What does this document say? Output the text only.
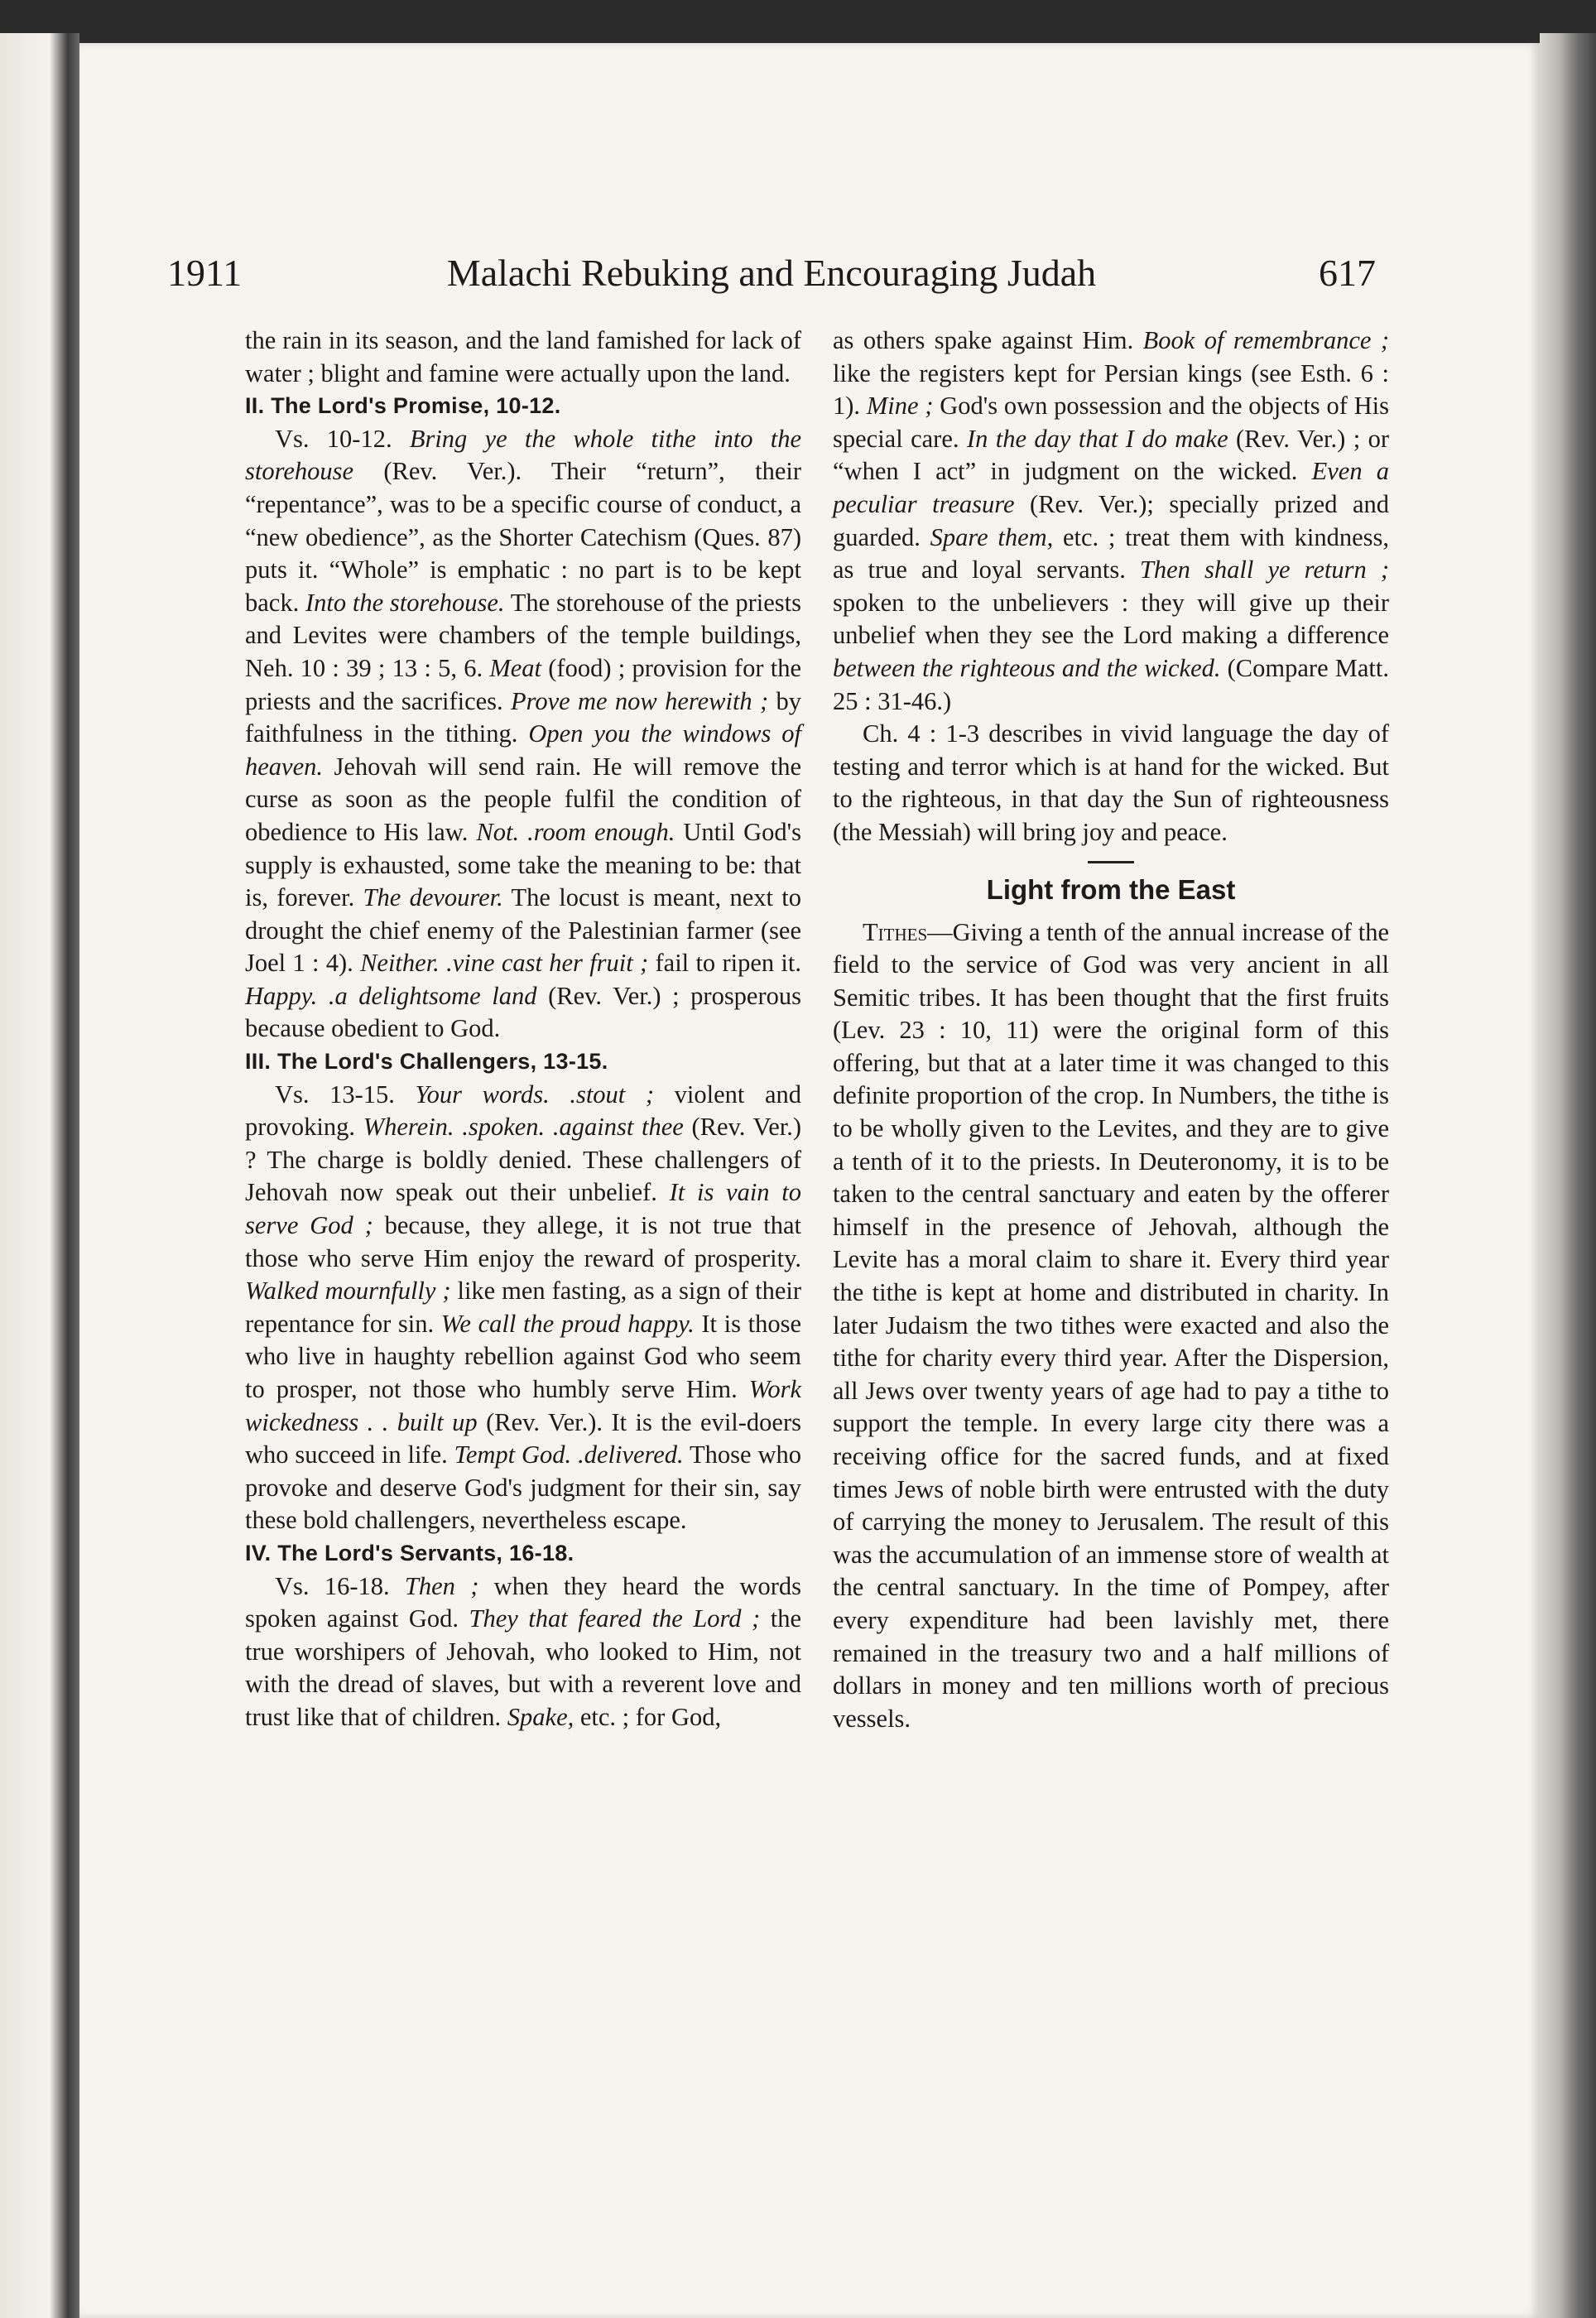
Malachi Rebuking and Encouraging Judah
1911	617

the rain in its season, and the land famished for lack of water ; blight and famine were actually upon the land.

II. The Lord's Promise, 10-12.

Vs. 10-12. Bring ye the whole tithe into the storehouse (Rev. Ver.). Their “return”, their “repentance”, was to be a specific course of conduct, a “new obedience”, as the Shorter Catechism (Ques. 87) puts it. “Whole” is emphatic : no part is to be kept back. Into the storehouse. The storehouse of the priests and Levites were chambers of the temple buildings, Neh. 10 : 39 ; 13 : 5, 6. Meat (food) ; provision for the priests and the sacrifices. Prove me now herewith ; by faithfulness in the tithing. Open you the windows of heaven. Jehovah will send rain. He will remove the curse as soon as the people fulfil the condition of obedience to His law. Not. .room enough. Until God's supply is exhausted, some take the meaning to be: that is, forever. The devourer. The locust is meant, next to drought the chief enemy of the Palestinian farmer (see Joel 1 : 4). Neither. .vine cast her fruit ; fail to ripen it. Happy. .a delightsome land (Rev. Ver.) ; prosperous because obedient to God.

III. The Lord's Challengers, 13-15.

Vs. 13-15. Your words. .stout ; violent and provoking. Wherein. .spoken. .against thee (Rev. Ver.) ? The charge is boldly denied. These challengers of Jehovah now speak out their unbelief. It is vain to serve God ; because, they allege, it is not true that those who serve Him enjoy the reward of prosperity. Walked mournfully ; like men fasting, as a sign of their repentance for sin. We call the proud happy. It is those who live in haughty rebellion against God who seem to prosper, not those who humbly serve Him. Work wickedness . . built up (Rev. Ver.). It is the evil-doers who succeed in life. Tempt God. .delivered. Those who provoke and deserve God's judgment for their sin, say these bold challengers, nevertheless escape.

IV. The Lord's Servants, 16-18.

Vs. 16-18. Then ; when they heard the words spoken against God. They that feared the Lord ; the true worshipers of Jehovah, who looked to Him, not with the dread of slaves, but with a reverent love and trust like that of children. Spake, etc. ; for God,

as others spake against Him. Book of remembrance ; like the registers kept for Persian kings (see Esth. 6 : 1). Mine ; God's own possession and the objects of His special care. In the day that I do make (Rev. Ver.) ; or “when I act” in judgment on the wicked. Even a peculiar treasure (Rev. Ver.); specially prized and guarded. Spare them, etc. ; treat them with kindness, as true and loyal servants. Then shall ye return ; spoken to the unbelievers : they will give up their unbelief when they see the Lord making a difference between the righteous and the wicked. (Compare Matt. 25 : 31-46.)

Ch. 4 : 1-3 describes in vivid language the day of testing and terror which is at hand for the wicked. But to the righteous, in that day the Sun of righteousness (the Messiah) will bring joy and peace.

Light from the East

Tithes—Giving a tenth of the annual increase of the field to the service of God was very ancient in all Semitic tribes. It has been thought that the first fruits (Lev. 23 : 10, 11) were the original form of this offering, but that at a later time it was changed to this definite proportion of the crop. In Numbers, the tithe is to be wholly given to the Levites, and they are to give a tenth of it to the priests. In Deuteronomy, it is to be taken to the central sanctuary and eaten by the offerer himself in the presence of Jehovah, although the Levite has a moral claim to share it. Every third year the tithe is kept at home and distributed in charity. In later Judaism the two tithes were exacted and also the tithe for charity every third year. After the Dispersion, all Jews over twenty years of age had to pay a tithe to support the temple. In every large city there was a receiving office for the sacred funds, and at fixed times Jews of noble birth were entrusted with the duty of carrying the money to Jerusalem. The result of this was the accumulation of an immense store of wealth at the central sanctuary. In the time of Pompey, after every expenditure had been lavishly met, there remained in the treasury two and a half millions of dollars in money and ten millions worth of precious vessels.
